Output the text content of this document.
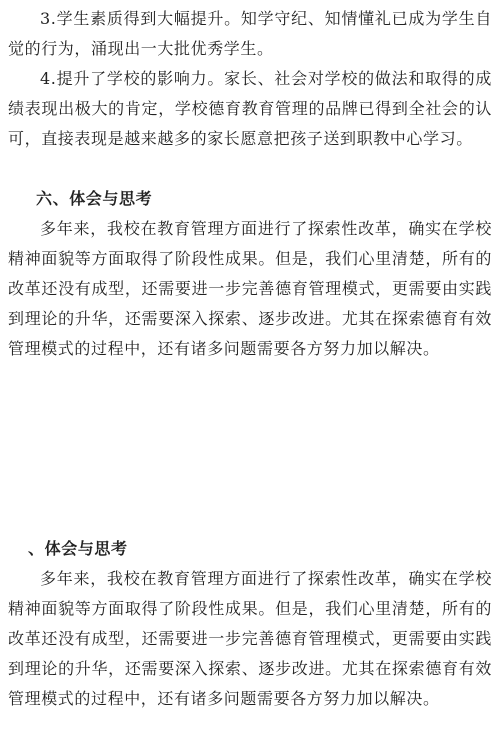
3.学生素质得到大幅提升。知学守纪、知情懂礼已成为学生自觉的行为，涌现出一大批优秀学生。

4.提升了学校的影响力。家长、社会对学校的做法和取得的成绩表现出极大的肯定，学校德育教育管理的品牌已得到全社会的认可，直接表现是越来越多的家长愿意把孩子送到职教中心学习。

六、体会与思考

多年来，我校在教育管理方面进行了探索性改革，确实在学校精神面貌等方面取得了阶段性成果。但是，我们心里清楚，所有的改革还没有成型，还需要进一步完善德育管理模式，更需要由实践到理论的升华，还需要深入探索、逐步改进。尤其在探索德育有效管理模式的过程中，还有诸多问题需要各方努力加以解决。

、体会与思考

多年来，我校在教育管理方面进行了探索性改革，确实在学校精神面貌等方面取得了阶段性成果。但是，我们心里清楚，所有的改革还没有成型，还需要进一步完善德育管理模式，更需要由实践到理论的升华，还需要深入探索、逐步改进。尤其在探索德育有效管理模式的过程中，还有诸多问题需要各方努力加以解决。
